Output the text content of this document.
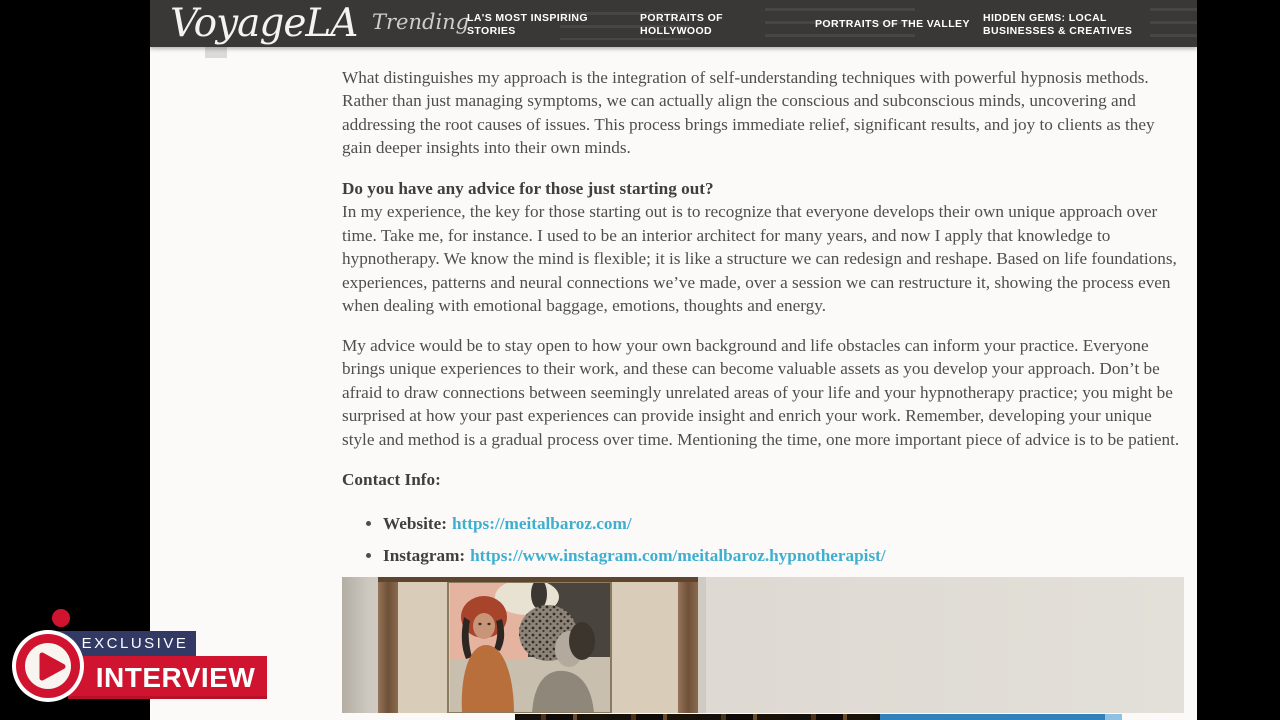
VoyageLA Trending
LA'S MOST INSPIRING STORIES
PORTRAITS OF HOLLYWOOD
PORTRAITS OF THE VALLEY	HIDDEN GEMS: LOCAL BUSINESSES & CREATIVES

What distinguishes my approach is the integration of self-understanding techniques with powerful hypnosis methods. Rather than just managing symptoms, we can actually align the conscious and subconscious minds, uncovering and addressing the root causes of issues. This process brings immediate relief, significant results, and joy to clients as they gain deeper insights into their own minds.

Do you have any advice for those just starting out?
In my experience, the key for those starting out is to recognize that everyone develops their own unique approach over time. Take me, for instance. I used to be an interior architect for many years, and now I apply that knowledge to hypnotherapy. We know the mind is flexible; it is like a structure we can redesign and reshape. Based on life foundations, experiences, patterns and neural connections we’ve made, over a session we can restructure it, showing the process even when dealing with emotional baggage, emotions, thoughts and energy.

My advice would be to stay open to how your own background and life obstacles can inform your practice. Everyone brings unique experiences to their work, and these can become valuable assets as you develop your approach. Don’t be afraid to draw connections between seemingly unrelated areas of your life and your hypnotherapy practice; you might be surprised at how your past experiences can provide insight and enrich your work. Remember, developing your unique style and method is a gradual process over time. Mentioning the time, one more important piece of advice is to be patient.

Contact Info:
• Website: https://meitalbaroz.com/
• Instagram: https://www.instagram.com/meitalbaroz.hypnotherapist/
EXCLUSIVE
INTERVIEW
